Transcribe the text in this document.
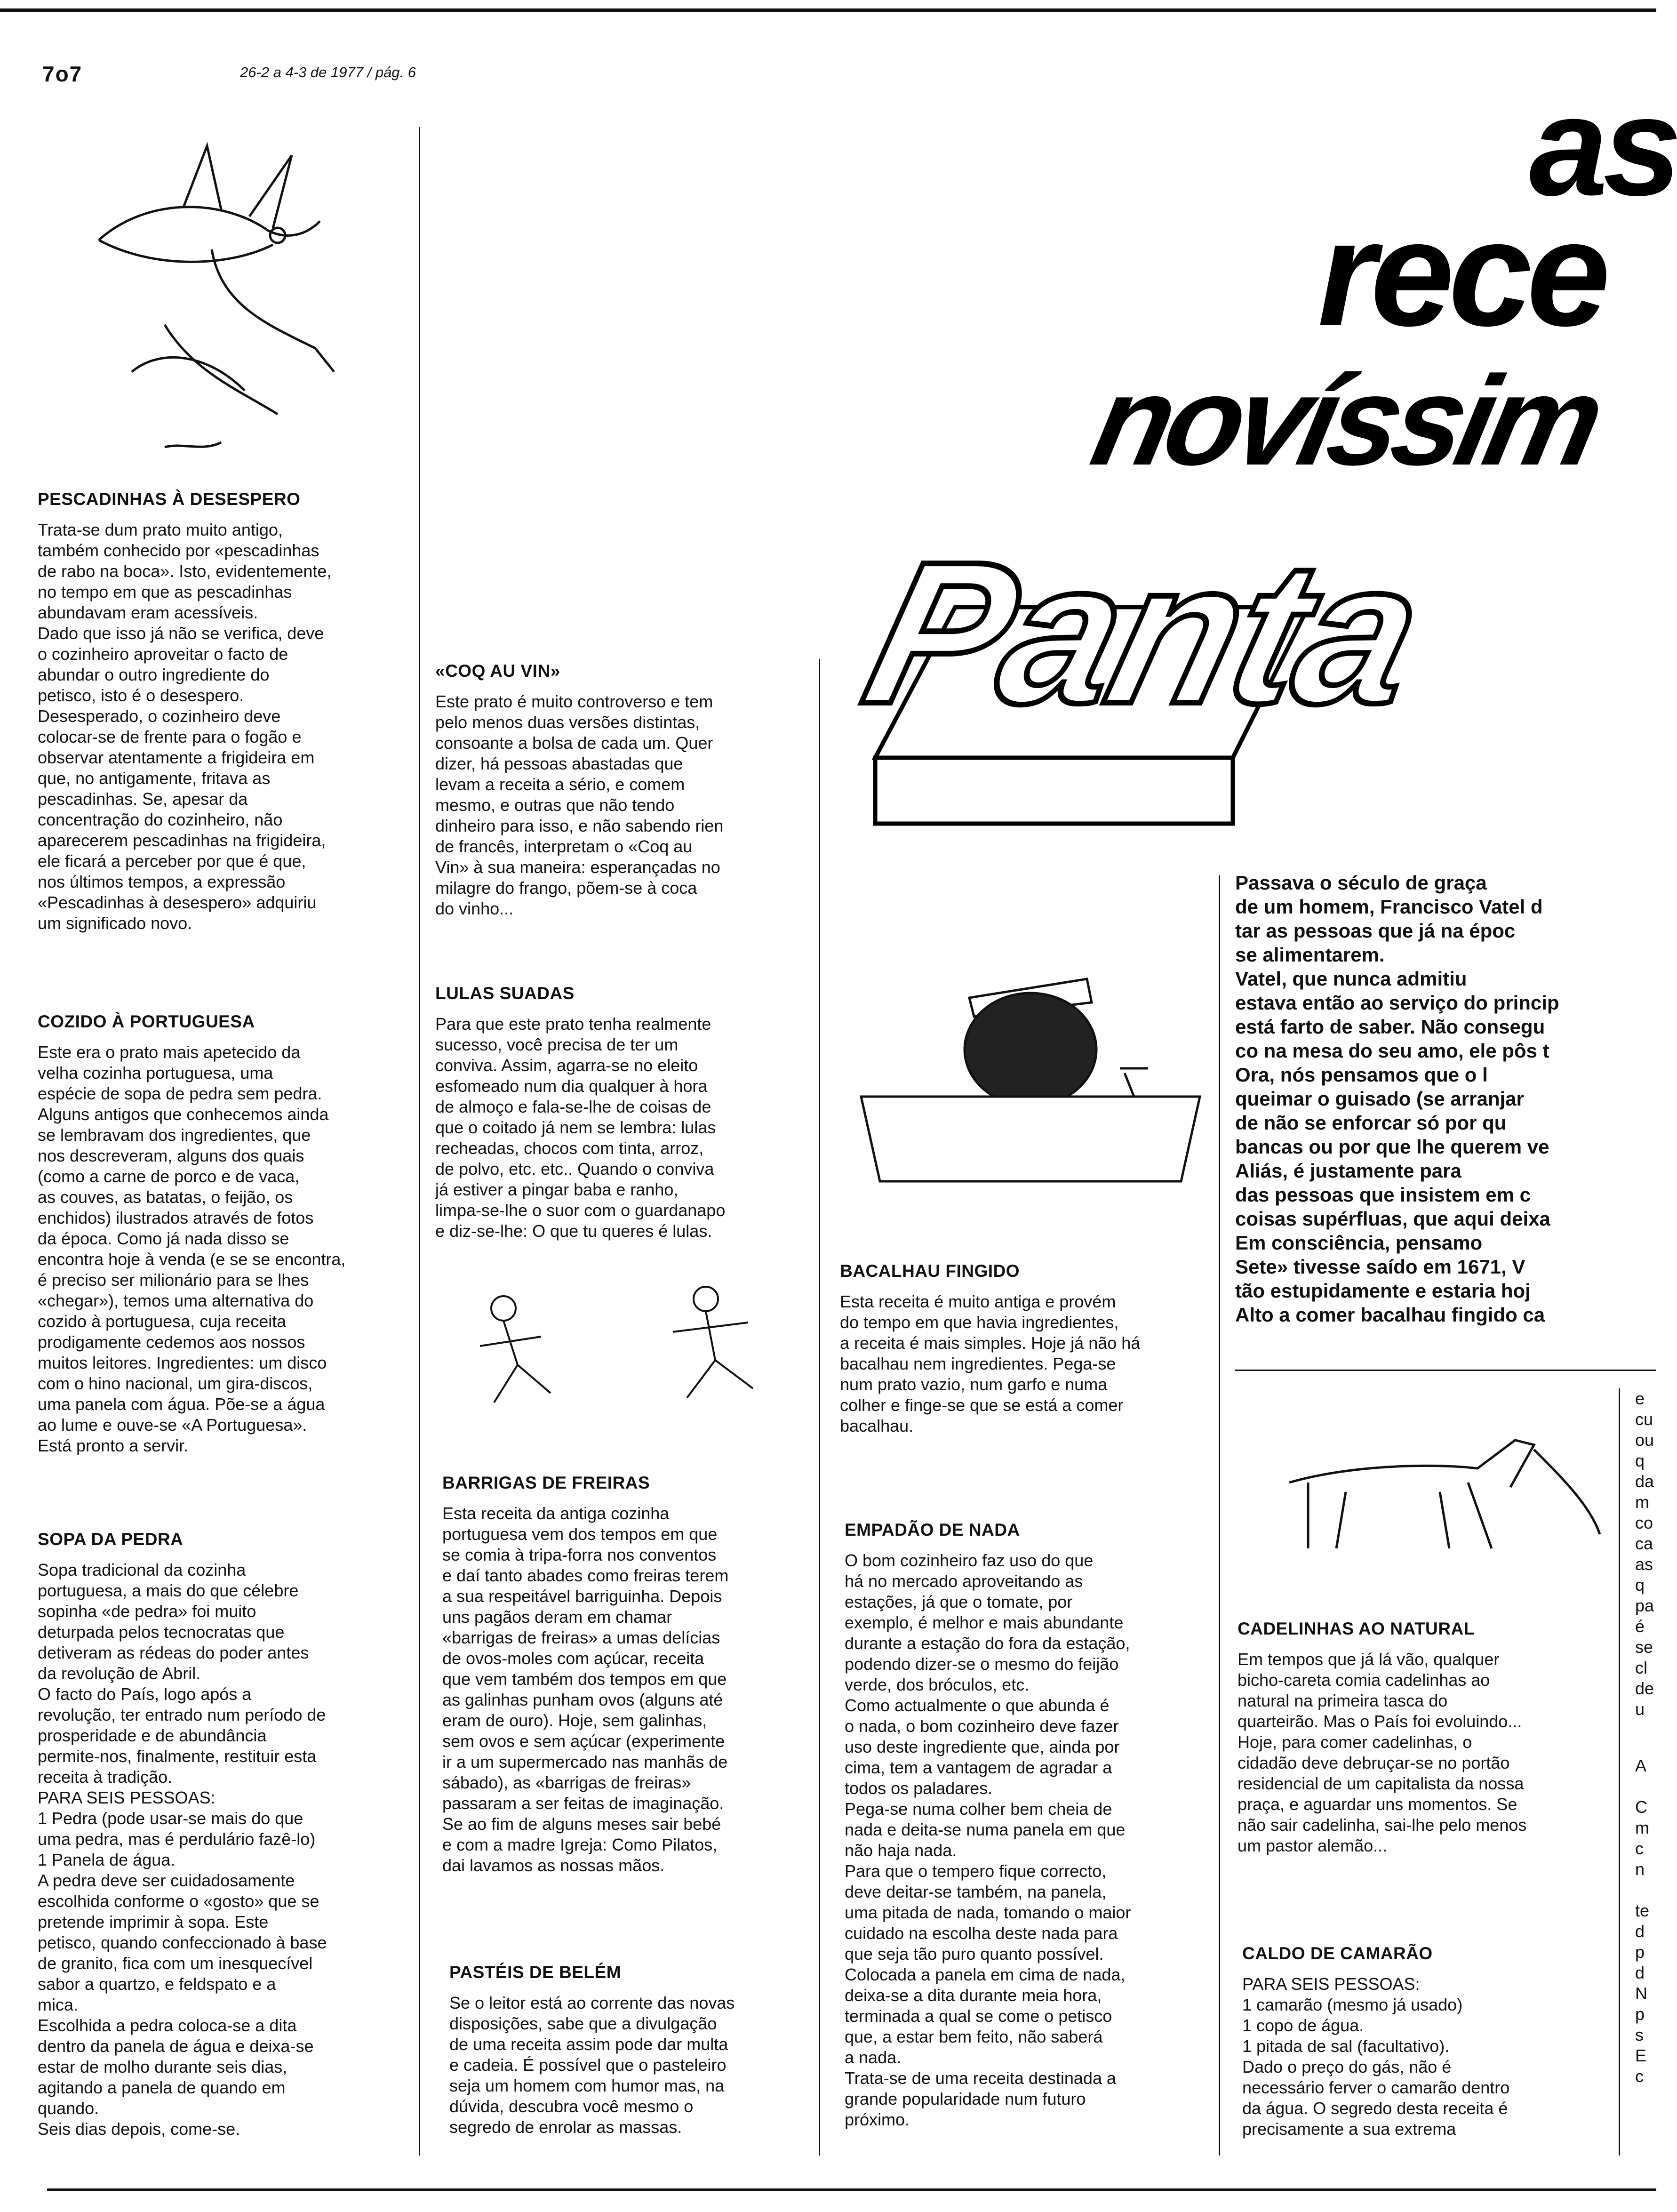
7o7	26-2 a 4-3 de 1977 / pág. 6	as
rece
novíssim
Panta
Passava o século de graça
de um homem, Francisco Vatel d
tar as pessoas que já na époc
se alimentarem.
Vatel, que nunca admitiu
estava então ao serviço do princip
está farto de saber. Não consegu
co na mesa do seu amo, ele pôs t
Ora, nós pensamos que o l
queimar o guisado (se arranjar
de não se enforcar só por qu
bancas ou por que lhe querem ve
Aliás, é justamente para
das pessoas que insistem em c
coisas supérfluas, que aqui deixa
Em consciência, pensamo
Sete» tivesse saído em 1671, V
tão estupidamente e estaria hoj
Alto a comer bacalhau fingido ca
PESCADINHAS À DESESPERO

Trata-se dum prato muito antigo,
também conhecido por «pescadinhas
de rabo na boca». Isto, evidentemente,
no tempo em que as pescadinhas
abundavam eram acessíveis.
Dado que isso já não se verifica, deve
o cozinheiro aproveitar o facto de
abundar o outro ingrediente do
petisco, isto é o desespero.
Desesperado, o cozinheiro deve
colocar-se de frente para o fogão e
observar atentamente a frigideira em
que, no antigamente, fritava as
pescadinhas. Se, apesar da
concentração do cozinheiro, não
aparecerem pescadinhas na frigideira,
ele ficará a perceber por que é que,
nos últimos tempos, a expressão
«Pescadinhas à desespero» adquiriu
um significado novo.

COZIDO À PORTUGUESA

Este era o prato mais apetecido da
velha cozinha portuguesa, uma
espécie de sopa de pedra sem pedra.
Alguns antigos que conhecemos ainda
se lembravam dos ingredientes, que
nos descreveram, alguns dos quais
(como a carne de porco e de vaca,
as couves, as batatas, o feijão, os
enchidos) ilustrados através de fotos
da época. Como já nada disso se
encontra hoje à venda (e se se encontra,
é preciso ser milionário para se lhes
«chegar»), temos uma alternativa do
cozido à portuguesa, cuja receita
prodigamente cedemos aos nossos
muitos leitores. Ingredientes: um disco
com o hino nacional, um gira-discos,
uma panela com água. Põe-se a água
ao lume e ouve-se «A Portuguesa».
Está pronto a servir.

SOPA DA PEDRA

Sopa tradicional da cozinha
portuguesa, a mais do que célebre
sopinha «de pedra» foi muito
deturpada pelos tecnocratas que
detiveram as rédeas do poder antes
da revolução de Abril.
O facto do País, logo após a
revolução, ter entrado num período de
prosperidade e de abundância
permite-nos, finalmente, restituir esta
receita à tradição.
PARA SEIS PESSOAS:
1 Pedra (pode usar-se mais do que
uma pedra, mas é perdulário fazê-lo)
1 Panela de água.
A pedra deve ser cuidadosamente
escolhida conforme o «gosto» que se
pretende imprimir à sopa. Este
petisco, quando confeccionado à base
de granito, fica com um inesquecível
sabor a quartzo, e feldspato e a
mica.
Escolhida a pedra coloca-se a dita
dentro da panela de água e deixa-se
estar de molho durante seis dias,
agitando a panela de quando em
quando.
Seis dias depois, come-se.

«COQ AU VIN»

Este prato é muito controverso e tem
pelo menos duas versões distintas,
consoante a bolsa de cada um. Quer
dizer, há pessoas abastadas que
levam a receita a sério, e comem
mesmo, e outras que não tendo
dinheiro para isso, e não sabendo rien
de francês, interpretam o «Coq au
Vin» à sua maneira: esperançadas no
milagre do frango, põem-se à coca
do vinho...

LULAS SUADAS

Para que este prato tenha realmente
sucesso, você precisa de ter um
conviva. Assim, agarra-se no eleito
esfomeado num dia qualquer à hora
de almoço e fala-se-lhe de coisas de
que o coitado já nem se lembra: lulas
recheadas, chocos com tinta, arroz,
de polvo, etc. etc.. Quando o conviva
já estiver a pingar baba e ranho,
limpa-se-lhe o suor com o guardanapo
e diz-se-lhe: O que tu queres é lulas.

BARRIGAS DE FREIRAS

Esta receita da antiga cozinha
portuguesa vem dos tempos em que
se comia à tripa-forra nos conventos
e daí tanto abades como freiras terem
a sua respeitável barriguinha. Depois
uns pagãos deram em chamar
«barrigas de freiras» a umas delícias
de ovos-moles com açúcar, receita
que vem também dos tempos em que
as galinhas punham ovos (alguns até
eram de ouro). Hoje, sem galinhas,
sem ovos e sem açúcar (experimente
ir a um supermercado nas manhãs de
sábado), as «barrigas de freiras»
passaram a ser feitas de imaginação.
Se ao fim de alguns meses sair bebé
e com a madre Igreja: Como Pilatos,
dai lavamos as nossas mãos.

PASTÉIS DE BELÉM

Se o leitor está ao corrente das novas
disposições, sabe que a divulgação
de uma receita assim pode dar multa
e cadeia. É possível que o pasteleiro
seja um homem com humor mas, na
dúvida, descubra você mesmo o
segredo de enrolar as massas.

BACALHAU FINGIDO

Esta receita é muito antiga e provém
do tempo em que havia ingredientes,
a receita é mais simples. Hoje já não há
bacalhau nem ingredientes. Pega-se
num prato vazio, num garfo e numa
colher e finge-se que se está a comer
bacalhau.

EMPADÃO DE NADA

O bom cozinheiro faz uso do que
há no mercado aproveitando as
estações, já que o tomate, por
exemplo, é melhor e mais abundante
durante a estação do fora da estação,
podendo dizer-se o mesmo do feijão
verde, dos bróculos, etc.
Como actualmente o que abunda é
o nada, o bom cozinheiro deve fazer
uso deste ingrediente que, ainda por
cima, tem a vantagem de agradar a
todos os paladares.
Pega-se numa colher bem cheia de
nada e deita-se numa panela em que
não haja nada.
Para que o tempero fique correcto,
deve deitar-se também, na panela,
uma pitada de nada, tomando o maior
cuidado na escolha deste nada para
que seja tão puro quanto possível.
Colocada a panela em cima de nada,
deixa-se a dita durante meia hora,
terminada a qual se come o petisco
que, a estar bem feito, não saberá
a nada.
Trata-se de uma receita destinada a
grande popularidade num futuro
próximo.

CADELINHAS AO NATURAL

Em tempos que já lá vão, qualquer
bicho-careta comia cadelinhas ao
natural na primeira tasca do
quarteirão. Mas o País foi evoluindo...
Hoje, para comer cadelinhas, o
cidadão deve debruçar-se no portão
residencial de um capitalista da nossa
praça, e aguardar uns momentos. Se
não sair cadelinha, sai-lhe pelo menos
um pastor alemão...

CALDO DE CAMARÃO

PARA SEIS PESSOAS:
1 camarão (mesmo já usado)
1 copo de água.
1 pitada de sal (facultativo).
Dado o preço do gás, não é
necessário ferver o camarão dentro
da água. O segredo desta receita é
precisamente a sua extrema

e
cu
ou
q
da
m
co
ca
as
q
pa
é
se
cl
de
u
A

C
m
c
n

te
d
p
d
N
p
s
E
c
